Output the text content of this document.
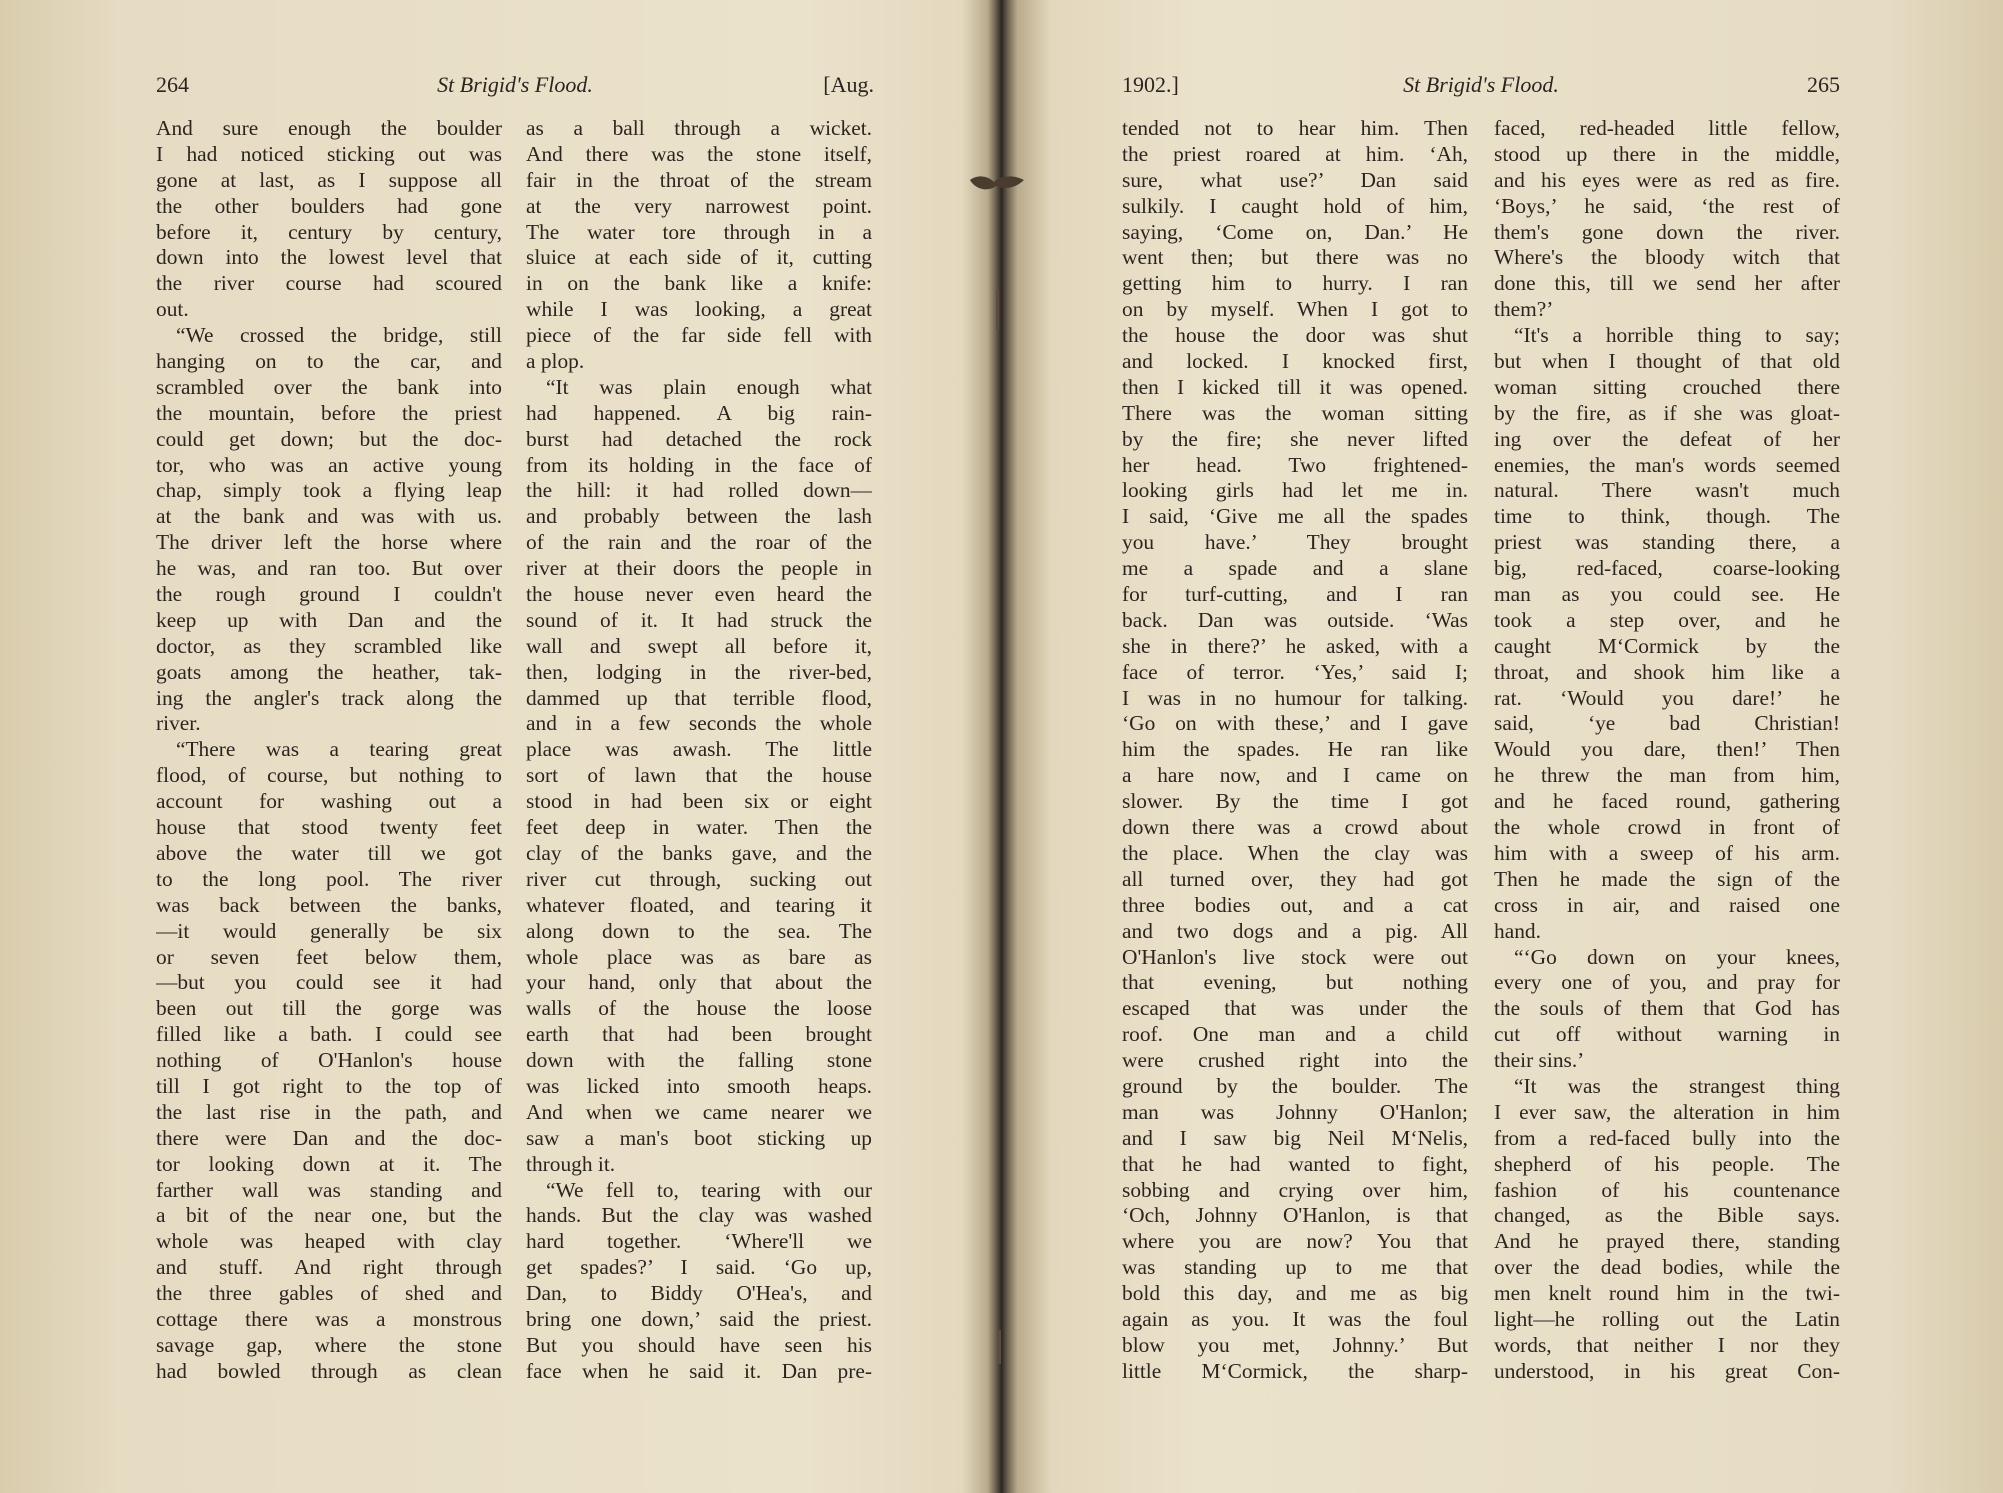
264	St Brigid's Flood.	[Aug.
And sure enough the boulder
I had noticed sticking out was
gone at last, as I suppose all
the other boulders had gone
before it, century by century,
down into the lowest level that
the river course had scoured
out.
“We crossed the bridge, still
hanging on to the car, and
scrambled over the bank into
the mountain, before the priest
could get down; but the doc-
tor, who was an active young
chap, simply took a flying leap
at the bank and was with us.
The driver left the horse where
he was, and ran too. But over
the rough ground I couldn't
keep up with Dan and the
doctor, as they scrambled like
goats among the heather, tak-
ing the angler's track along the
river.
“There was a tearing great
flood, of course, but nothing to
account for washing out a
house that stood twenty feet
above the water till we got
to the long pool. The river
was back between the banks,
—it would generally be six
or seven feet below them,
—but you could see it had
been out till the gorge was
filled like a bath. I could see
nothing of O'Hanlon's house
till I got right to the top of
the last rise in the path, and
there were Dan and the doc-
tor looking down at it. The
farther wall was standing and
a bit of the near one, but the
whole was heaped with clay
and stuff. And right through
the three gables of shed and
cottage there was a monstrous
savage gap, where the stone
had bowled through as clean
as a ball through a wicket.
And there was the stone itself,
fair in the throat of the stream
at the very narrowest point.
The water tore through in a
sluice at each side of it, cutting
in on the bank like a knife:
while I was looking, a great
piece of the far side fell with
a plop.
“It was plain enough what
had happened. A big rain-
burst had detached the rock
from its holding in the face of
the hill: it had rolled down—
and probably between the lash
of the rain and the roar of the
river at their doors the people in
the house never even heard the
sound of it. It had struck the
wall and swept all before it,
then, lodging in the river-bed,
dammed up that terrible flood,
and in a few seconds the whole
place was awash. The little
sort of lawn that the house
stood in had been six or eight
feet deep in water. Then the
clay of the banks gave, and the
river cut through, sucking out
whatever floated, and tearing it
along down to the sea. The
whole place was as bare as
your hand, only that about the
walls of the house the loose
earth that had been brought
down with the falling stone
was licked into smooth heaps.
And when we came nearer we
saw a man's boot sticking up
through it.
“We fell to, tearing with our
hands. But the clay was washed
hard together. ‘Where'll we
get spades?’ I said. ‘Go up,
Dan, to Biddy O'Hea's, and
bring one down,’ said the priest.
But you should have seen his
face when he said it. Dan pre-
1902.]	St Brigid's Flood.	265
tended not to hear him. Then
the priest roared at him. ‘Ah,
sure, what use?’ Dan said
sulkily. I caught hold of him,
saying, ‘Come on, Dan.’ He
went then; but there was no
getting him to hurry. I ran
on by myself. When I got to
the house the door was shut
and locked. I knocked first,
then I kicked till it was opened.
There was the woman sitting
by the fire; she never lifted
her head. Two frightened-
looking girls had let me in.
I said, ‘Give me all the spades
you have.’ They brought
me a spade and a slane
for turf-cutting, and I ran
back. Dan was outside. ‘Was
she in there?’ he asked, with a
face of terror. ‘Yes,’ said I;
I was in no humour for talking.
‘Go on with these,’ and I gave
him the spades. He ran like
a hare now, and I came on
slower. By the time I got
down there was a crowd about
the place. When the clay was
all turned over, they had got
three bodies out, and a cat
and two dogs and a pig. All
O'Hanlon's live stock were out
that evening, but nothing
escaped that was under the
roof. One man and a child
were crushed right into the
ground by the boulder. The
man was Johnny O'Hanlon;
and I saw big Neil M‘Nelis,
that he had wanted to fight,
sobbing and crying over him,
‘Och, Johnny O'Hanlon, is that
where you are now? You that
was standing up to me that
bold this day, and me as big
again as you. It was the foul
blow you met, Johnny.’ But
little M‘Cormick, the sharp-
faced, red-headed little fellow,
stood up there in the middle,
and his eyes were as red as fire.
‘Boys,’ he said, ‘the rest of
them's gone down the river.
Where's the bloody witch that
done this, till we send her after
them?’
“It's a horrible thing to say;
but when I thought of that old
woman sitting crouched there
by the fire, as if she was gloat-
ing over the defeat of her
enemies, the man's words seemed
natural. There wasn't much
time to think, though. The
priest was standing there, a
big, red-faced, coarse-looking
man as you could see. He
took a step over, and he
caught M‘Cormick by the
throat, and shook him like a
rat. ‘Would you dare!’ he
said, ‘ye bad Christian!
Would you dare, then!’ Then
he threw the man from him,
and he faced round, gathering
the whole crowd in front of
him with a sweep of his arm.
Then he made the sign of the
cross in air, and raised one
hand.
“‘Go down on your knees,
every one of you, and pray for
the souls of them that God has
cut off without warning in
their sins.’
“It was the strangest thing
I ever saw, the alteration in him
from a red-faced bully into the
shepherd of his people. The
fashion of his countenance
changed, as the Bible says.
And he prayed there, standing
over the dead bodies, while the
men knelt round him in the twi-
light—he rolling out the Latin
words, that neither I nor they
understood, in his great Con-
